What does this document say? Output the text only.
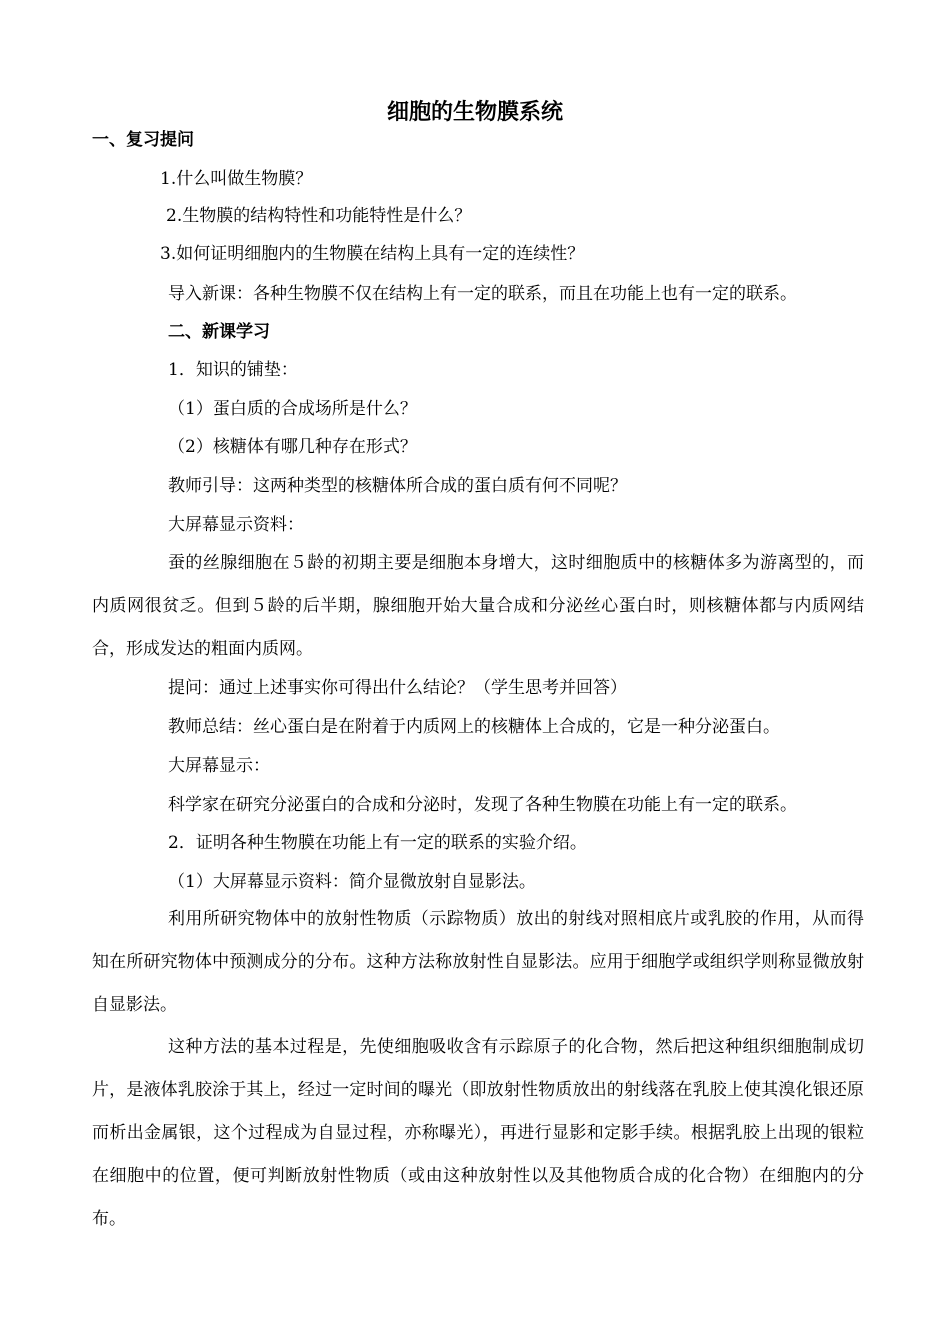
细胞的生物膜系统

一、复习提问

1.什么叫做生物膜？

2.生物膜的结构特性和功能特性是什么？

3.如何证明细胞内的生物膜在结构上具有一定的连续性？

导入新课：各种生物膜不仅在结构上有一定的联系，而且在功能上也有一定的联系。

二、新课学习

1．知识的铺垫：

（1）蛋白质的合成场所是什么？

（2）核糖体有哪几种存在形式？

教师引导：这两种类型的核糖体所合成的蛋白质有何不同呢？

大屏幕显示资料：

蚕的丝腺细胞在５龄的初期主要是细胞本身增大，这时细胞质中的核糖体多为游离型的，而内质网很贫乏。但到５龄的后半期，腺细胞开始大量合成和分泌丝心蛋白时，则核糖体都与内质网结合，形成发达的粗面内质网。

提问：通过上述事实你可得出什么结论？（学生思考并回答）

教师总结：丝心蛋白是在附着于内质网上的核糖体上合成的，它是一种分泌蛋白。

大屏幕显示：

科学家在研究分泌蛋白的合成和分泌时，发现了各种生物膜在功能上有一定的联系。

2．证明各种生物膜在功能上有一定的联系的实验介绍。

（1）大屏幕显示资料：简介显微放射自显影法。

利用所研究物体中的放射性物质（示踪物质）放出的射线对照相底片或乳胶的作用，从而得知在所研究物体中预测成分的分布。这种方法称放射性自显影法。应用于细胞学或组织学则称显微放射自显影法。

这种方法的基本过程是，先使细胞吸收含有示踪原子的化合物，然后把这种组织细胞制成切片，是液体乳胶涂于其上，经过一定时间的曝光（即放射性物质放出的射线落在乳胶上使其溴化银还原而析出金属银，这个过程成为自显过程，亦称曝光），再进行显影和定影手续。根据乳胶上出现的银粒在细胞中的位置，便可判断放射性物质（或由这种放射性以及其他物质合成的化合物）在细胞内的分布。
